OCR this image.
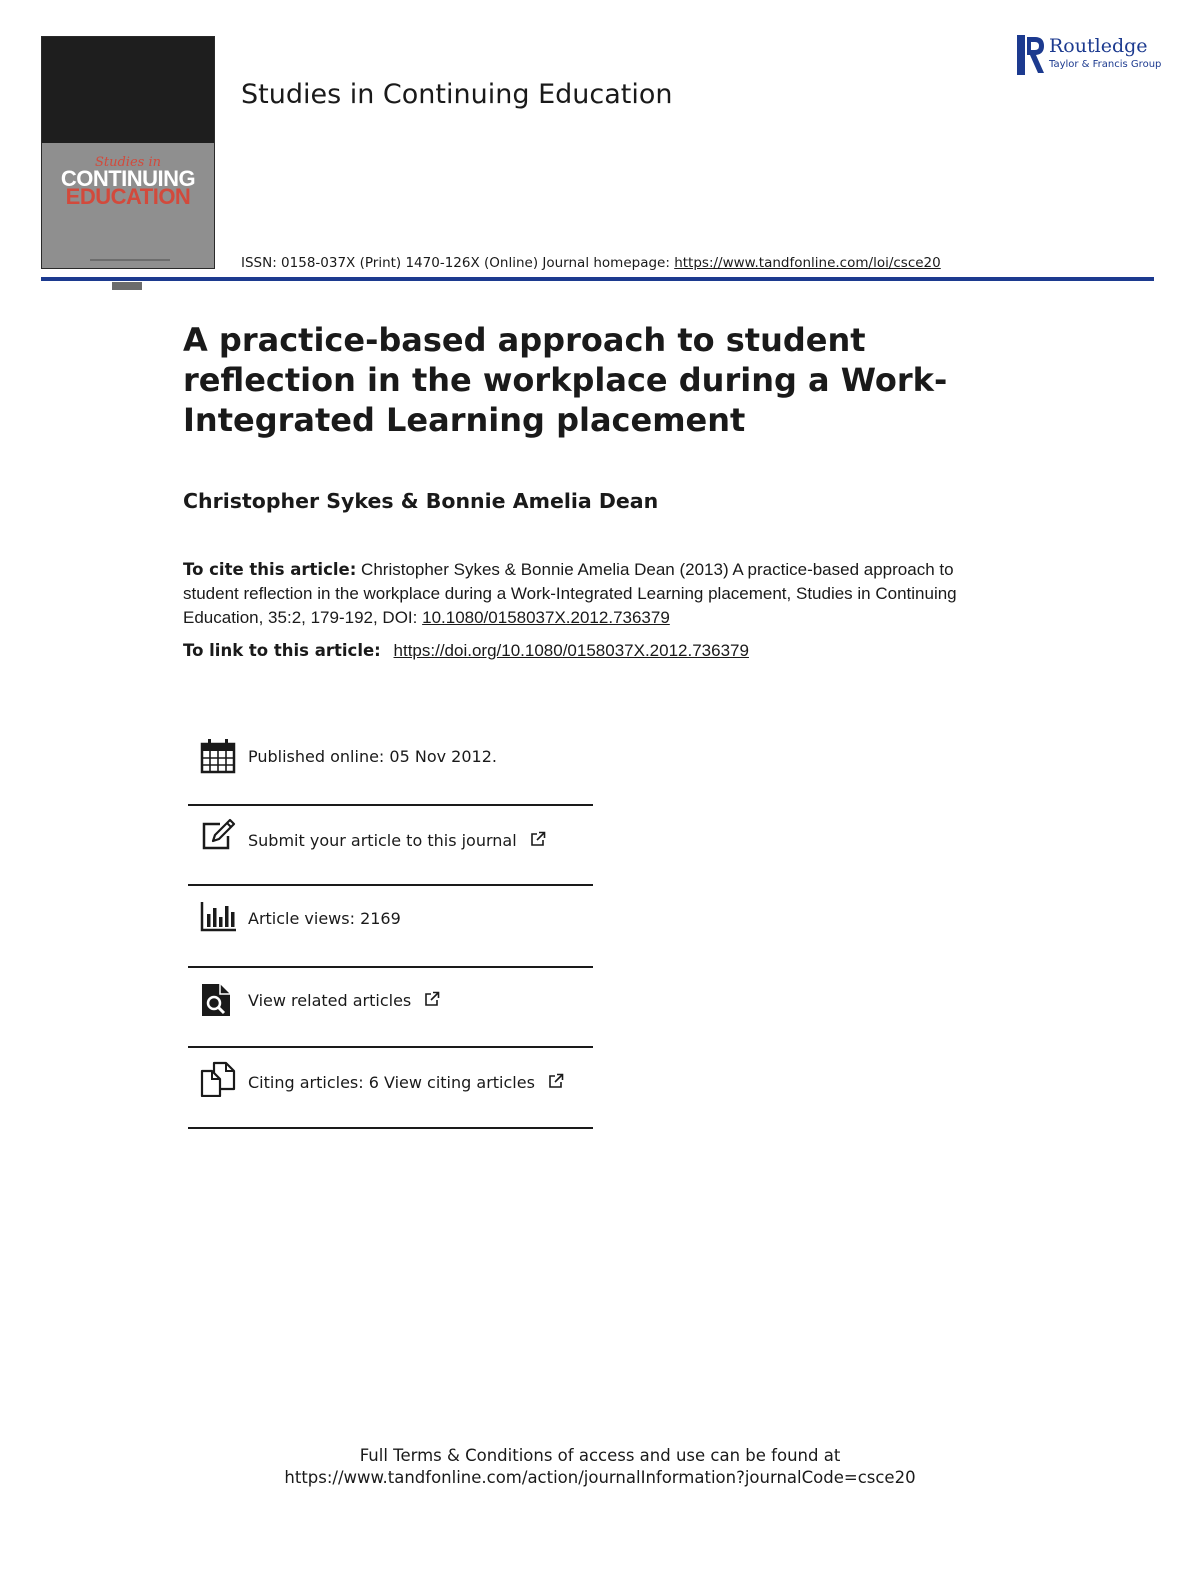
Studies in
CONTINUING
EDUCATION
Studies in Continuing Education
Routledge
Taylor & Francis Group
ISSN: 0158-037X (Print) 1470-126X (Online) Journal homepage: https://www.tandfonline.com/loi/csce20
A practice-based approach to student reflection in the workplace during a Work-Integrated Learning placement
Christopher Sykes & Bonnie Amelia Dean
To cite this article: Christopher Sykes & Bonnie Amelia Dean (2013) A practice-based approach to student reflection in the workplace during a Work-Integrated Learning placement, Studies in Continuing Education, 35:2, 179-192, DOI: 10.1080/0158037X.2012.736379
To link to this article: https://doi.org/10.1080/0158037X.2012.736379
Published online: 05 Nov 2012.
Submit your article to this journal
Article views: 2169
View related articles
Citing articles: 6 View citing articles
Full Terms & Conditions of access and use can be found at
https://www.tandfonline.com/action/journalInformation?journalCode=csce20
